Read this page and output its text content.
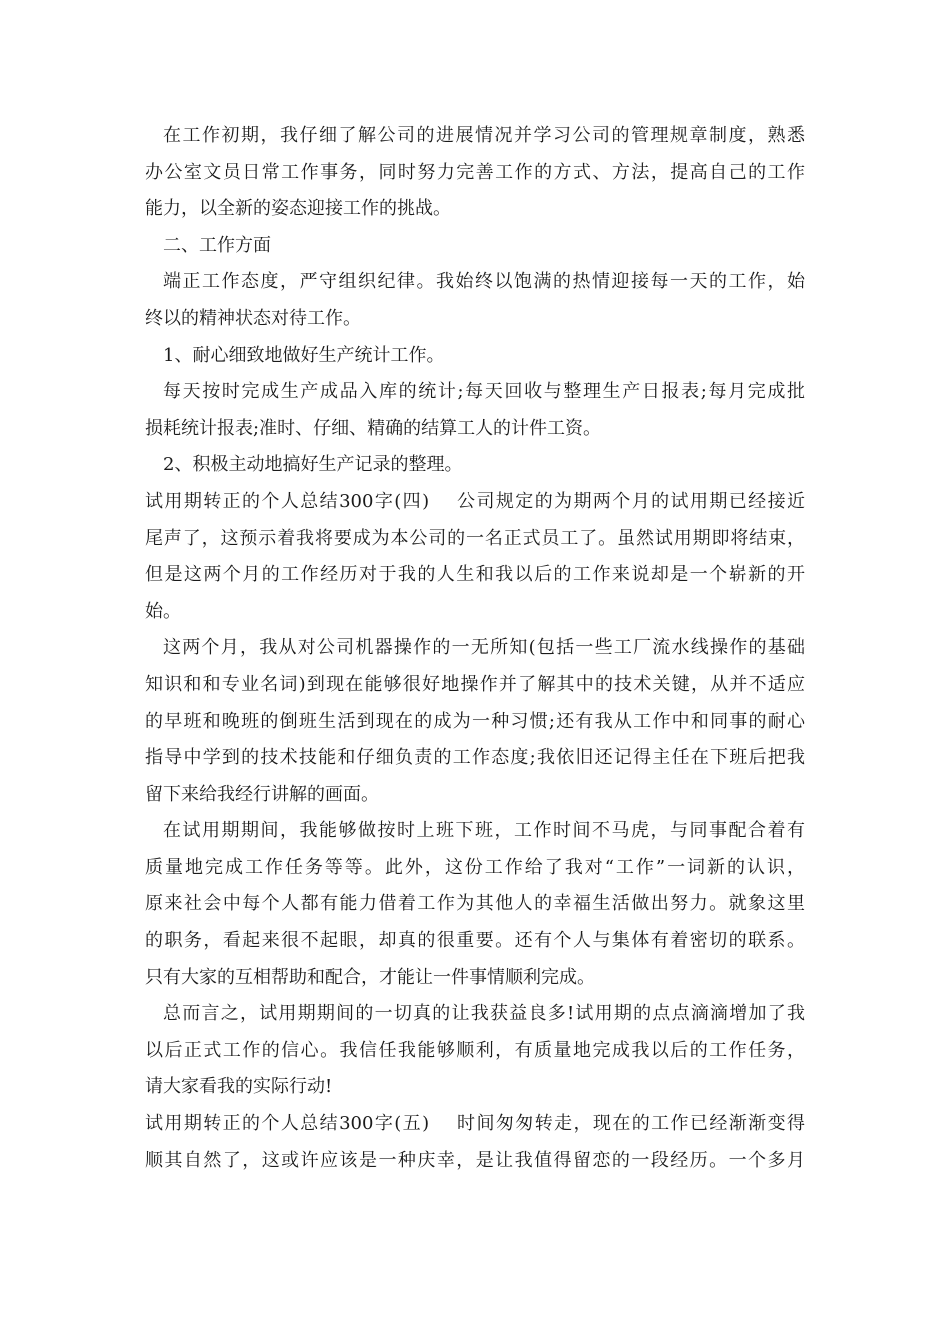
在工作初期，我仔细了解公司的进展情况并学习公司的管理规章制度，熟悉
办公室文员日常工作事务，同时努力完善工作的方式、方法，提高自己的工作
能力，以全新的姿态迎接工作的挑战。
二、工作方面
端正工作态度，严守组织纪律。我始终以饱满的热情迎接每一天的工作，始
终以的精神状态对待工作。
1、耐心细致地做好生产统计工作。
每天按时完成生产成品入库的统计;每天回收与整理生产日报表;每月完成批
损耗统计报表;准时、仔细、精确的结算工人的计件工资。
2、积极主动地搞好生产记录的整理。
试用期转正的个人总结300字(四)　 公司规定的为期两个月的试用期已经接近
尾声了，这预示着我将要成为本公司的一名正式员工了。虽然试用期即将结束，
但是这两个月的工作经历对于我的人生和我以后的工作来说却是一个崭新的开
始。
这两个月，我从对公司机器操作的一无所知(包括一些工厂流水线操作的基础
知识和和专业名词)到现在能够很好地操作并了解其中的技术关键，从并不适应
的早班和晚班的倒班生活到现在的成为一种习惯;还有我从工作中和同事的耐心
指导中学到的技术技能和仔细负责的工作态度;我依旧还记得主任在下班后把我
留下来给我经行讲解的画面。
在试用期期间，我能够做按时上班下班，工作时间不马虎，与同事配合着有
质量地完成工作任务等等。此外，这份工作给了我对“工作”一词新的认识，
原来社会中每个人都有能力借着工作为其他人的幸福生活做出努力。就象这里
的职务，看起来很不起眼，却真的很重要。还有个人与集体有着密切的联系。
只有大家的互相帮助和配合，才能让一件事情顺利完成。
总而言之，试用期期间的一切真的让我获益良多!试用期的点点滴滴增加了我
以后正式工作的信心。我信任我能够顺利，有质量地完成我以后的工作任务，
请大家看我的实际行动!
试用期转正的个人总结300字(五)　 时间匆匆转走，现在的工作已经渐渐变得
顺其自然了，这或许应该是一种庆幸，是让我值得留恋的一段经历。一个多月
